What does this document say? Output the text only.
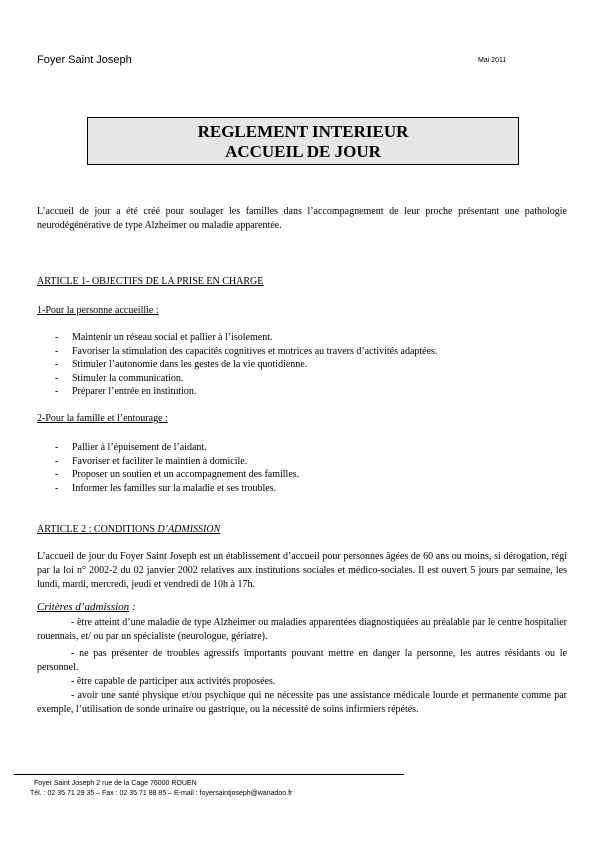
Foyer Saint Joseph	Mai 2011
REGLEMENT INTERIEUR
ACCUEIL DE JOUR
L’accueil de jour a été créé pour soulager les familles dans l’accompagnement de leur proche présentant une pathologie neurodégénérative de type Alzheimer ou maladie apparentée.
ARTICLE 1- OBJECTIFS DE LA PRISE EN CHARGE
1-Pour la personne accueillie :
- Maintenir un réseau social et pallier à l’isolement.
- Favoriser la stimulation des capacités cognitives et motrices au travers d’activités adaptées.
- Stimuler l’autonomie dans les gestes de la vie quotidienne.
- Stimuler la communication.
- Préparer l’entrée en institution.
2-Pour la famille et l’entourage :
- Pallier à l’épuisement de l’aidant.
- Favoriser et faciliter le maintien à domicile.
- Proposer un soutien et un accompagnement des familles.
- Informer les familles sur la maladie et ses troubles.
ARTICLE 2 : CONDITIONS D’ADMISSION
L’accueil de jour du Foyer Saint Joseph est un établissement d’accueil pour personnes âgées de 60 ans ou moins, si dérogation, régi par la loi n° 2002-2 du 02 janvier 2002 relatives aux institutions sociales et médico-sociales. Il est ouvert 5 jours par semaine, les lundi, mardi, mercredi, jeudi et vendredi de 10h à 17h.
Critères d’admission :
- être atteint d’une maladie de type Alzheimer ou maladies apparentées diagnostiquées au préalable par le centre hospitalier rouennais, et/ ou par un spécialiste (neurologue, gériatre).
- ne pas présenter de troubles agressifs importants pouvant mettre en danger la personne, les autres résidants ou le personnel.
- être capable de participer aux activités proposées.
- avoir une santé physique et/ou psychique qui ne nécessite pas une assistance médicale lourde et permanente comme par exemple, l’utilisation de sonde urinaire ou gastrique, ou la nécessité de soins infirmiers répétés.
Foyer Saint Joseph 2 rue de la Cage 76000 ROUEN
Tél. : 02 35 71 29 35 – Fax : 02 35 71 88 85 – E-mail : foyersaintjoseph@wanadoo.fr
